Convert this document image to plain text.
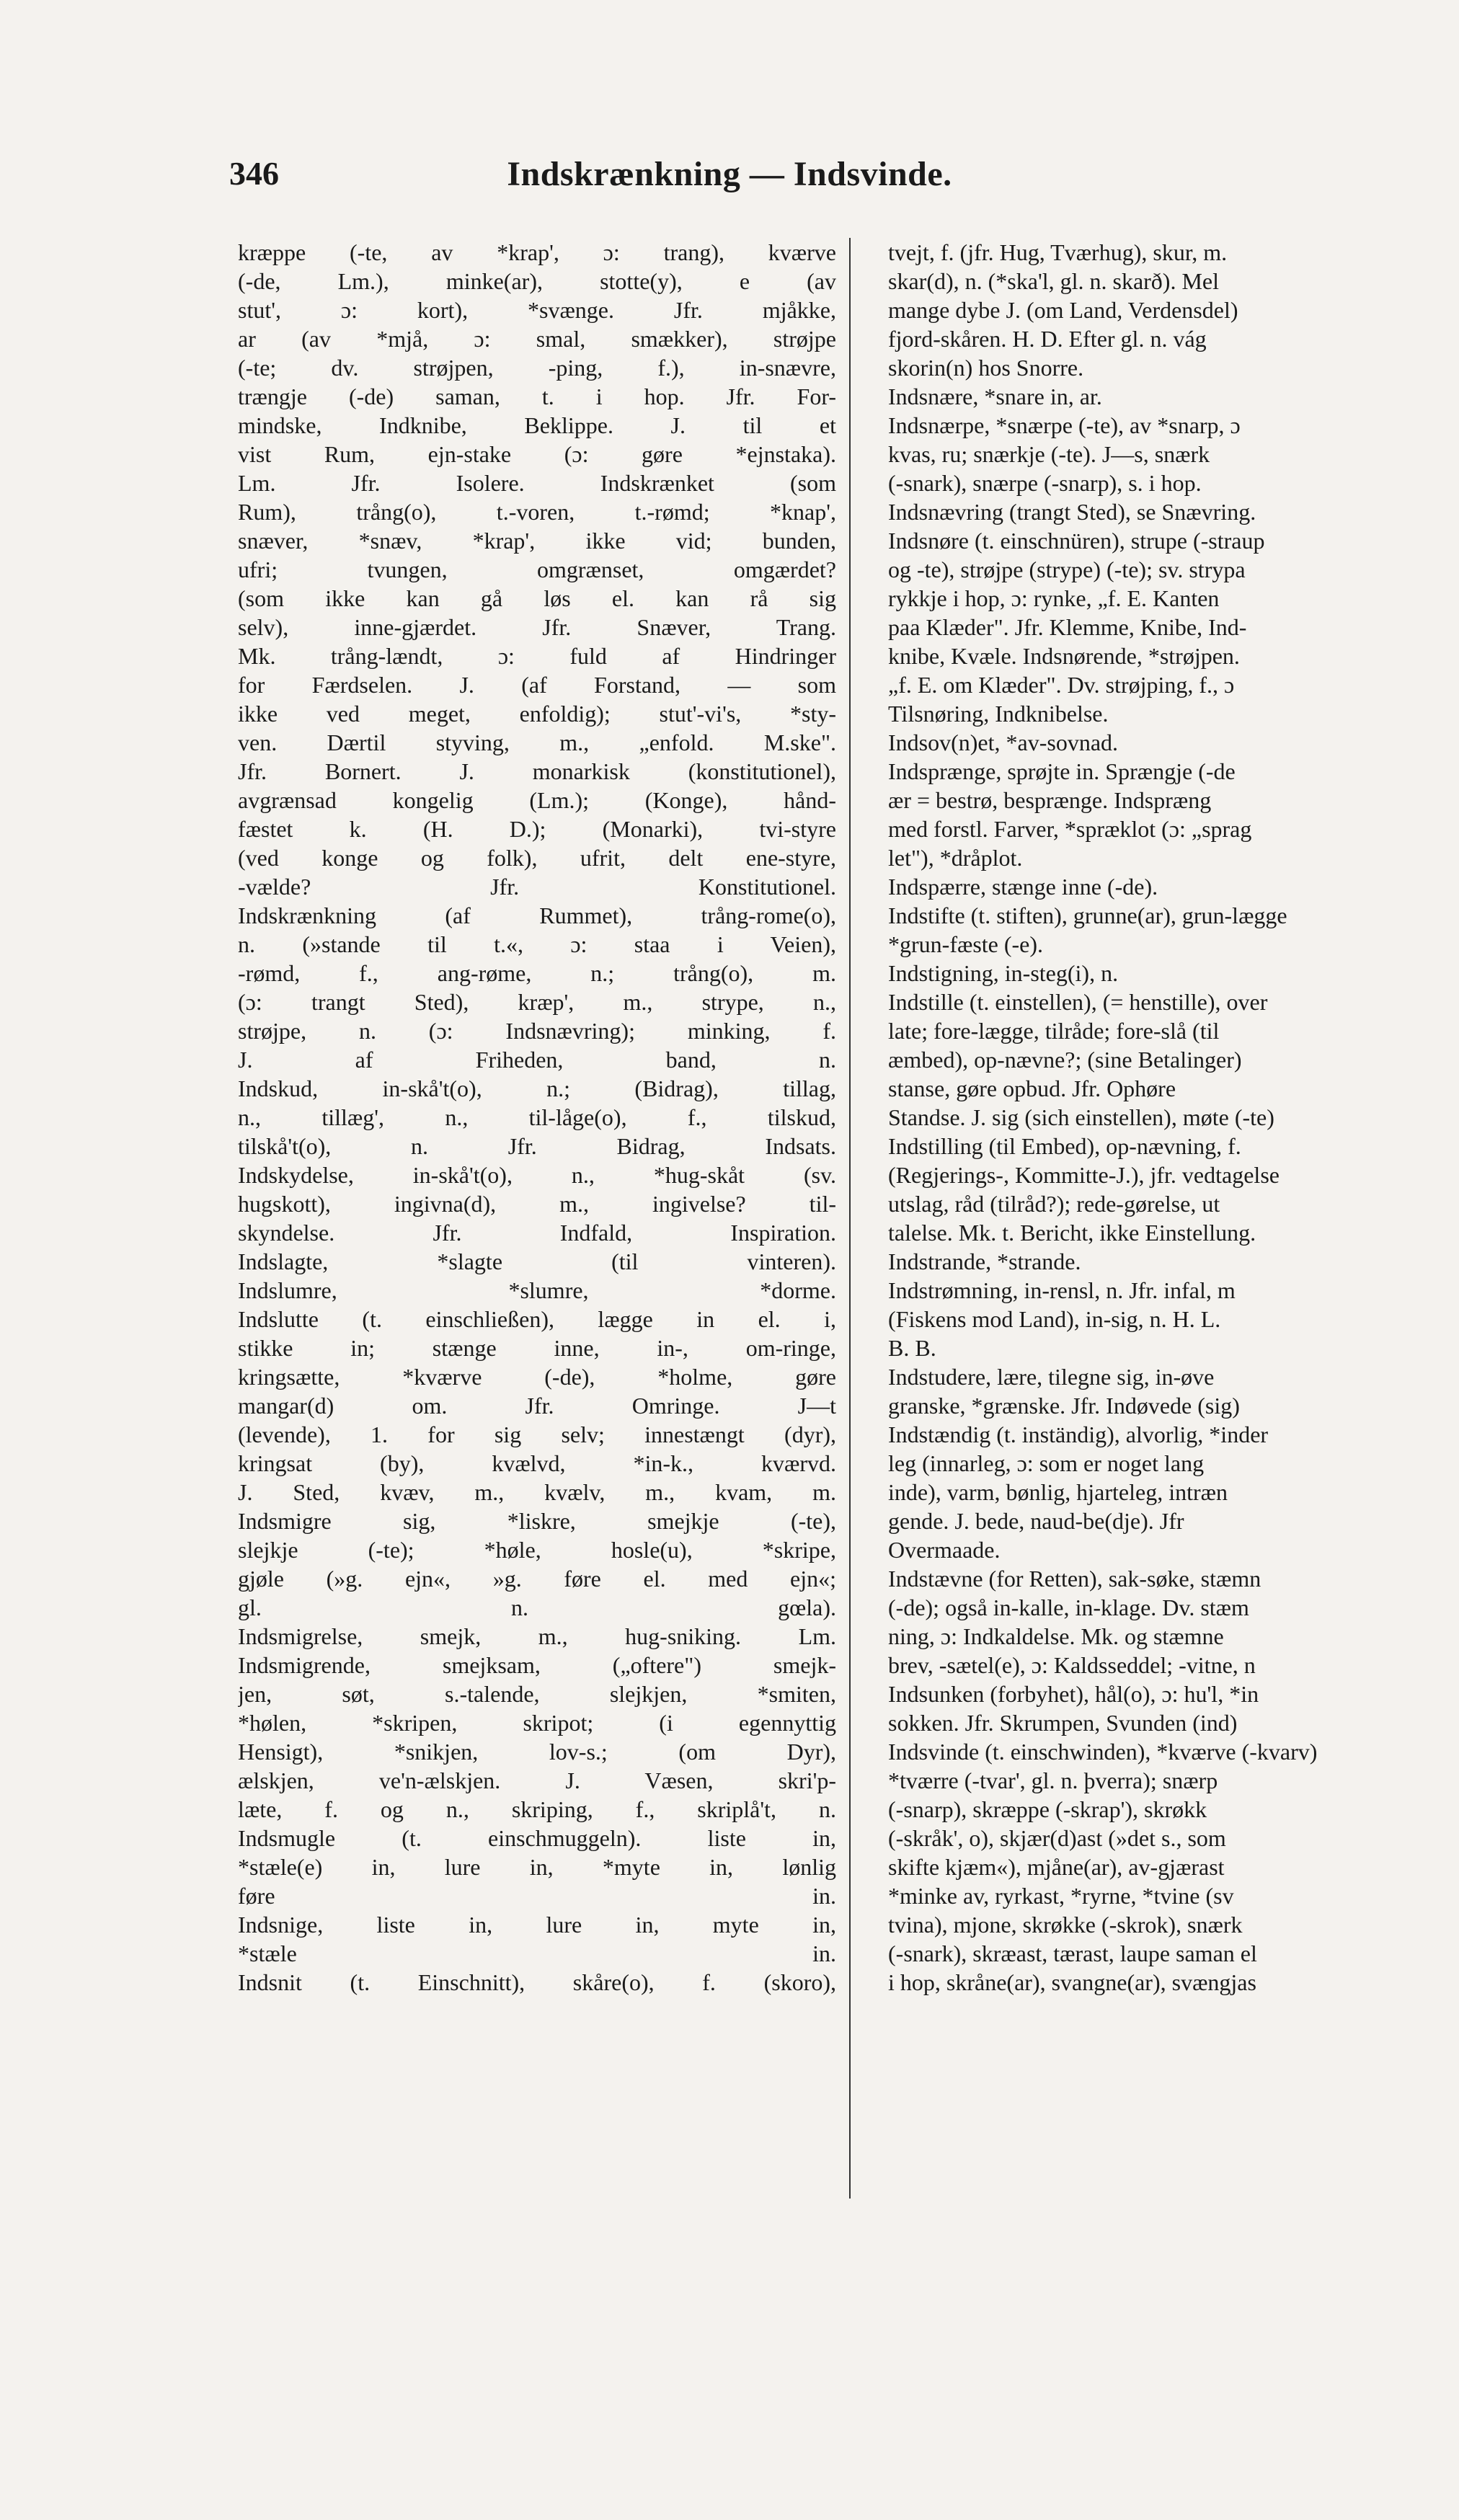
346	Indskrænkning — Indsvinde.
kræppe (-te, av *krap', ɔ: trang), kværve
(-de, Lm.), minke(ar), stotte(y), e (av
stut', ɔ: kort), *svænge. Jfr. mjåkke,
ar (av *mjå, ɔ: smal, smækker), strøjpe
(-te; dv. strøjpen, -ping, f.), in-snævre,
trængje (-de) saman, t. i hop. Jfr. For-
mindske, Indknibe, Beklippe. J. til et
vist Rum, ejn-stake (ɔ: gøre *ejnstaka).
Lm. Jfr. Isolere. Indskrænket (som
Rum), trång(o), t.-voren, t.-rømd; *knap',
snæver, *snæv, *krap', ikke vid; bunden,
ufri; tvungen, omgrænset, omgærdet?
(som ikke kan gå løs el. kan rå sig
selv), inne-gjærdet. Jfr. Snæver, Trang.
Mk. trång-lændt, ɔ: fuld af Hindringer
for Færdselen. J. (af Forstand, — som
ikke ved meget, enfoldig); stut'-vi's, *sty-
ven. Dærtil styving, m., „enfold. M.ske".
Jfr. Bornert. J. monarkisk (konstitutionel),
avgrænsad kongelig (Lm.); (Konge), hånd-
fæstet k. (H. D.); (Monarki), tvi-styre
(ved konge og folk), ufrit, delt ene-styre,
-vælde? Jfr. Konstitutionel.
Indskrænkning (af Rummet), trång-rome(o),
n. (»stande til t.«, ɔ: staa i Veien),
-rømd, f., ang-røme, n.; trång(o), m.
(ɔ: trangt Sted), kræp', m., strype, n.,
strøjpe, n. (ɔ: Indsnævring); minking, f.
J. af Friheden, band, n.
Indskud, in-skå't(o), n.; (Bidrag), tillag,
n., tillæg', n., til-låge(o), f., tilskud,
tilskå't(o), n. Jfr. Bidrag, Indsats.
Indskydelse, in-skå't(o), n., *hug-skåt (sv.
hugskott), ingivna(d), m., ingivelse? til-
skyndelse. Jfr. Indfald, Inspiration.
Indslagte, *slagte (til vinteren).
Indslumre, *slumre, *dorme.
Indslutte (t. einschließen), lægge in el. i,
stikke in; stænge inne, in-, om-ringe,
kringsætte, *kværve (-de), *holme, gøre
mangar(d) om. Jfr. Omringe. J—t
(levende), 1. for sig selv; innestængt (dyr),
kringsat (by), kvælvd, *in-k., kværvd.
J. Sted, kvæv, m., kvælv, m., kvam, m.
Indsmigre sig, *liskre, smejkje (-te),
slejkje (-te); *høle, hosle(u), *skripe,
gjøle (»g. ejn«, »g. føre el. med ejn«;
gl. n. gœla).
Indsmigrelse, smejk, m., hug-sniking. Lm.
Indsmigrende, smejksam, („oftere") smejk-
jen, søt, s.-talende, slejkjen, *smiten,
*hølen, *skripen, skripot; (i egennyttig
Hensigt), *snikjen, lov-s.; (om Dyr),
ælskjen, ve'n-ælskjen. J. Væsen, skri'p-
læte, f. og n., skriping, f., skriplå't, n.
Indsmugle (t. einschmuggeln). liste in,
*stæle(e) in, lure in, *myte in, lønlig
føre in.
Indsnige, liste in, lure in, myte in,
*stæle in.
Indsnit (t. Einschnitt), skåre(o), f. (skoro),
tvejt, f. (jfr. Hug, Tværhug), skur, m.
skar(d), n. (*ska'l, gl. n. skarð). Mel
mange dybe J. (om Land, Verdensdel)
fjord-skåren. H. D. Efter gl. n. vág
skorin(n) hos Snorre.
Indsnære, *snare in, ar.
Indsnærpe, *snærpe (-te), av *snarp, ɔ
kvas, ru; snærkje (-te). J—s, snærk
(-snark), snærpe (-snarp), s. i hop.
Indsnævring (trangt Sted), se Snævring.
Indsnøre (t. einschnüren), strupe (-straup
og -te), strøjpe (strype) (-te); sv. strypa
rykkje i hop, ɔ: rynke, „f. E. Kanten
paa Klæder". Jfr. Klemme, Knibe, Ind-
knibe, Kvæle. Indsnørende, *strøjpen.
„f. E. om Klæder". Dv. strøjping, f., ɔ
Tilsnøring, Indknibelse.
Indsov(n)et, *av-sovnad.
Indsprænge, sprøjte in. Sprængje (-de
ær = bestrø, besprænge. Indspræng
med forstl. Farver, *spræklot (ɔ: „sprag
let"), *dråplot.
Indspærre, stænge inne (-de).
Indstifte (t. stiften), grunne(ar), grun-lægge
*grun-fæste (-e).
Indstigning, in-steg(i), n.
Indstille (t. einstellen), (= henstille), over
late; fore-lægge, tilråde; fore-slå (til
æmbed), op-nævne?; (sine Betalinger)
stanse, gøre opbud. Jfr. Ophøre
Standse. J. sig (sich einstellen), møte (-te)
Indstilling (til Embed), op-nævning, f.
(Regjerings-, Kommitte-J.), jfr. vedtagelse
utslag, råd (tilråd?); rede-gørelse, ut
talelse. Mk. t. Bericht, ikke Einstellung.
Indstrande, *strande.
Indstrømning, in-rensl, n. Jfr. infal, m
(Fiskens mod Land), in-sig, n. H. L.
B. B.
Indstudere, lære, tilegne sig, in-øve
granske, *grænske. Jfr. Indøvede (sig)
Indstændig (t. inständig), alvorlig, *inder
leg (innarleg, ɔ: som er noget lang
inde), varm, bønlig, hjarteleg, intræn
gende. J. bede, naud-be(dje). Jfr
Overmaade.
Indstævne (for Retten), sak-søke, stæmn
(-de); også in-kalle, in-klage. Dv. stæm
ning, ɔ: Indkaldelse. Mk. og stæmne
brev, -sætel(e), ɔ: Kaldsseddel; -vitne, n
Indsunken (forbyhet), hål(o), ɔ: hu'l, *in
sokken. Jfr. Skrumpen, Svunden (ind)
Indsvinde (t. einschwinden), *kværve (-kvarv)
*tværre (-tvar', gl. n. þverra); snærp
(-snarp), skræppe (-skrap'), skrøkk
(-skråk', o), skjær(d)ast (»det s., som
skifte kjæm«), mjåne(ar), av-gjærast
*minke av, ryrkast, *ryrne, *tvine (sv
tvina), mjone, skrøkke (-skrok), snærk
(-snark), skræast, tærast, laupe saman el
i hop, skråne(ar), svangne(ar), svængjas
